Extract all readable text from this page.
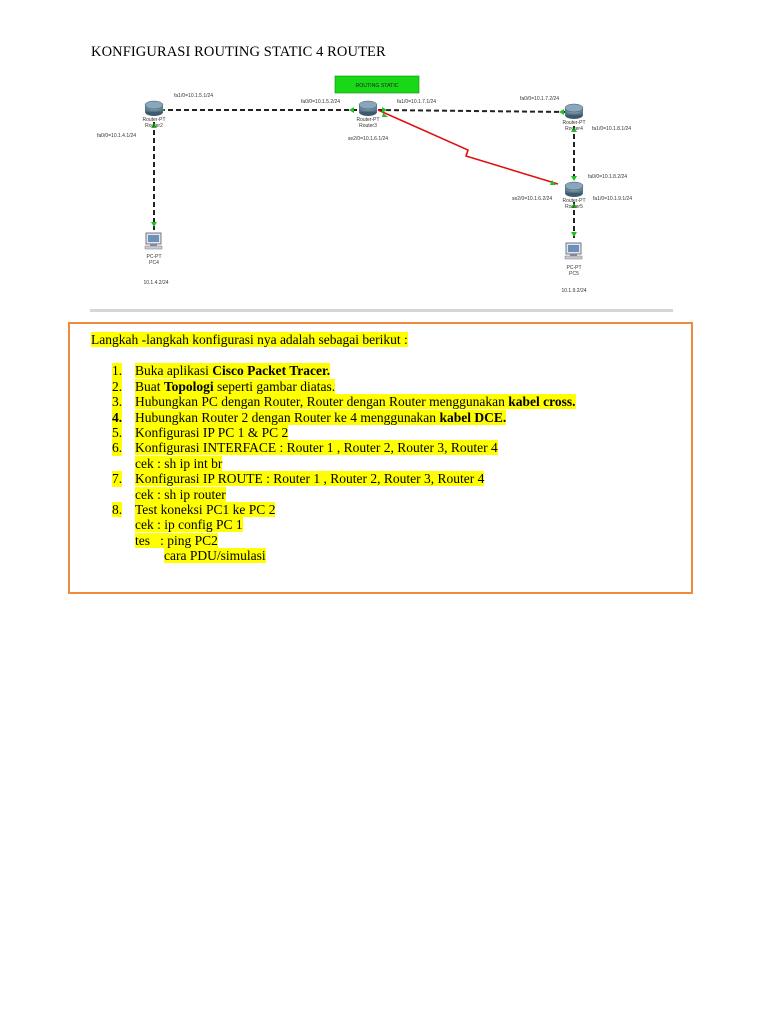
KONFIGURASI ROUTING STATIC 4 ROUTER
ROUTING STATIC
Router-PT
Router2
Router-PT
Router3	Router-PT
Router4
Router-PT
Router5
PC-PT
PC4
10.1.4.2/24
PC-PT
PC5
10.1.9.2/24
fa1/0=10.1.5.1/24
fa0/0=10.1.4.1/24
fa0/0=10.1.5.2/24	fa1/0=10.1.7.1/24
se2/0=10.1.6.1/24
fa0/0=10.1.7.2/24
fa1/0=10.1.8.1/24
fa0/0=10.1.8.2/24
se2/0=10.1.6.2/24	fa1/0=10.1.9.1/24
Langkah -langkah konfigurasi nya adalah sebagai berikut :
1. Buka aplikasi Cisco Packet Tracer.
2. Buat Topologi seperti gambar diatas.
3. Hubungkan PC dengan Router, Router dengan Router menggunakan kabel cross.
4. Hubungkan Router 2 dengan Router ke 4 menggunakan kabel DCE.
5. Konfigurasi IP PC 1 & PC 2
6. Konfigurasi INTERFACE : Router 1 , Router 2, Router 3, Router 4
cek : sh ip int br
7. Konfigurasi IP ROUTE : Router 1 , Router 2, Router 3, Router 4
cek : sh ip router
8. Test koneksi PC1 ke PC 2
cek : ip config PC 1
tes   : ping PC2
cara PDU/simulasi
